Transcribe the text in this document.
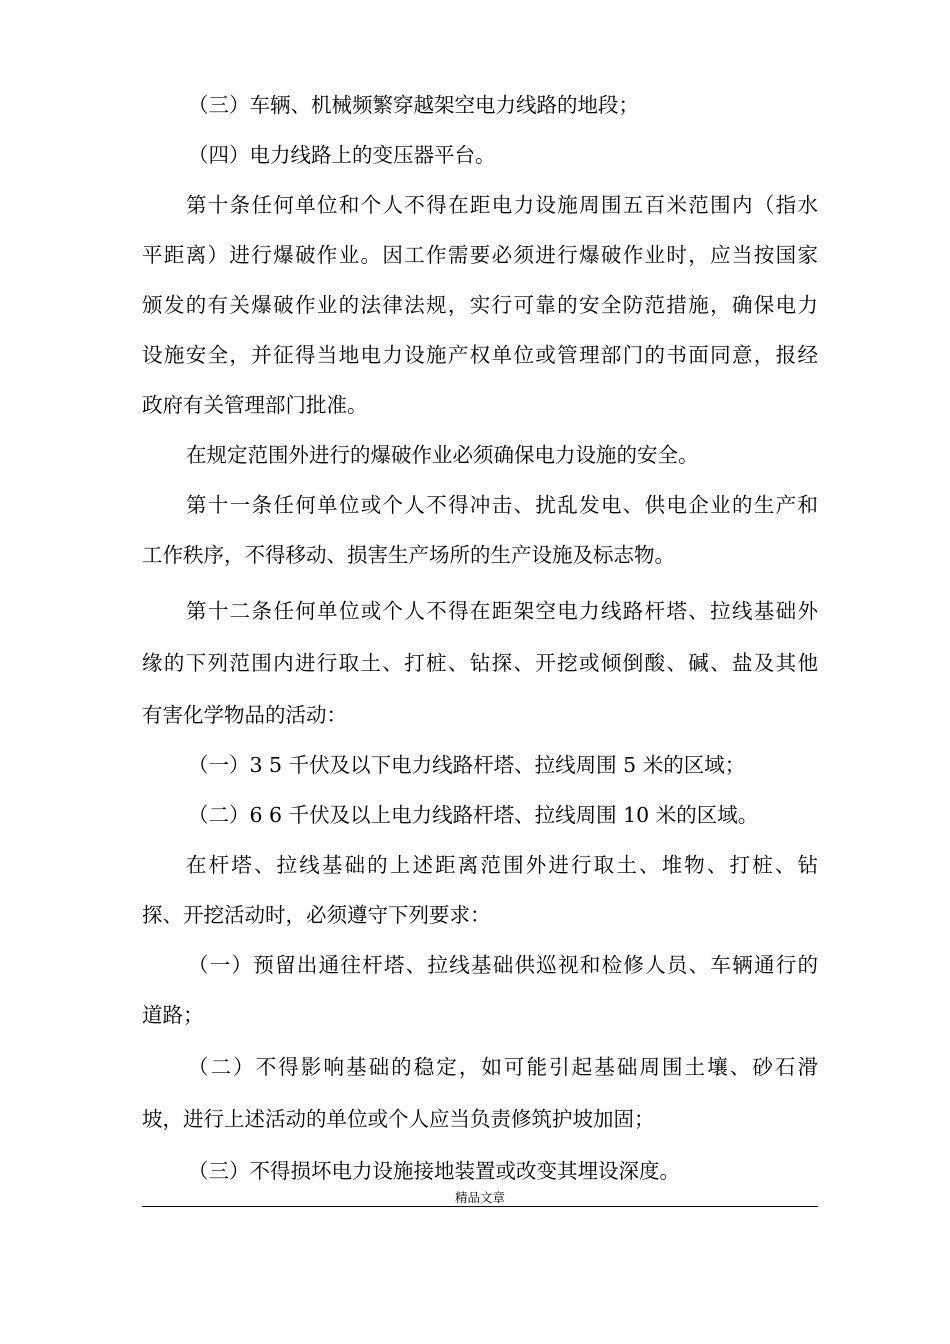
（三）车辆、机械频繁穿越架空电力线路的地段；
（四）电力线路上的变压器平台。
第十条任何单位和个人不得在距电力设施周围五百米范围内（指水
平距离）进行爆破作业。因工作需要必须进行爆破作业时，应当按国家
颁发的有关爆破作业的法律法规，实行可靠的安全防范措施，确保电力
设施安全，并征得当地电力设施产权单位或管理部门的书面同意，报经
政府有关管理部门批准。
在规定范围外进行的爆破作业必须确保电力设施的安全。
第十一条任何单位或个人不得冲击、扰乱发电、供电企业的生产和
工作秩序，不得移动、损害生产场所的生产设施及标志物。
第十二条任何单位或个人不得在距架空电力线路杆塔、拉线基础外
缘的下列范围内进行取土、打桩、钻探、开挖或倾倒酸、碱、盐及其他
有害化学物品的活动：
（一）3 5 千伏及以下电力线路杆塔、拉线周围 5 米的区域；
（二）6 6 千伏及以上电力线路杆塔、拉线周围 10 米的区域。
在杆塔、拉线基础的上述距离范围外进行取土、堆物、打桩、钻
探、开挖活动时，必须遵守下列要求：
（一）预留出通往杆塔、拉线基础供巡视和检修人员、车辆通行的
道路；
（二）不得影响基础的稳定，如可能引起基础周围土壤、砂石滑
坡，进行上述活动的单位或个人应当负责修筑护坡加固；
（三）不得损坏电力设施接地装置或改变其埋设深度。
精品文章
